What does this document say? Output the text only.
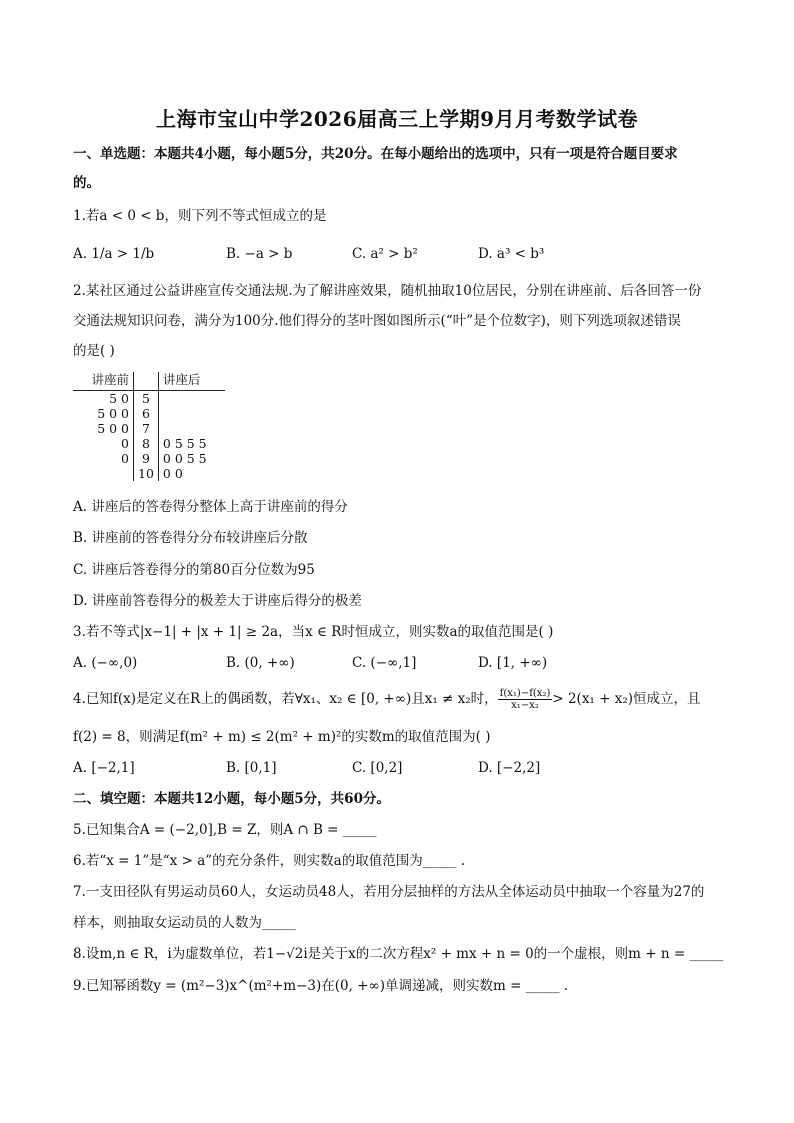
上海市宝山中学2026届高三上学期9月月考数学试卷
一、单选题：本题共4小题，每小题5分，共20分。在每小题给出的选项中，只有一项是符合题目要求
的。
1.若a < 0 < b，则下列不等式恒成立的是
A. 1/a > 1/b	B. −a > b	C. a² > b²	D. a³ < b³
2.某社区通过公益讲座宣传交通法规.为了解讲座效果，随机抽取10位居民，分别在讲座前、后各回答一份
交通法规知识问卷，满分为100分.他们得分的茎叶图如图所示(“叶”是个位数字)，则下列选项叙述错误
的是( )
讲座前		讲座后
5 0	5	
5 0 0	6	
5 0 0	7	
0	8	0 5 5 5
0	9	0 0 5 5
	10	0 0
A. 讲座后的答卷得分整体上高于讲座前的得分
B. 讲座前的答卷得分分布较讲座后分散
C. 讲座后答卷得分的第80百分位数为95
D. 讲座前答卷得分的极差大于讲座后得分的极差
3.若不等式|x−1| + |x + 1| ≥ 2a，当x ∈ R时恒成立，则实数a的取值范围是( )
A. (−∞,0)	B. (0, +∞)	C. (−∞,1]	D. [1, +∞)
4.已知f(x)是定义在R上的偶函数，若∀x₁、x₂ ∈ [0, +∞)且x₁ ≠ x₂时， $\frac{\text{f(x₁)−f(x₂)}}{\text{x₁−x₂}} > 2(x_1 + x_2)$恒成立，且
f(2) = 8，则满足f(m² + m) ≤ 2(m² + m)²的实数m的取值范围为( )
A. [−2,1]	B. [0,1]	C. [0,2]	D. [−2,2]
二、填空题：本题共12小题，每小题5分，共60分。
5.已知集合A = (−2,0],B = Z，则A ∩ B = _____
6.若“x = 1”是“x > a”的充分条件，则实数a的取值范围为_____ .
7.一支田径队有男运动员60人，女运动员48人，若用分层抽样的方法从全体运动员中抽取一个容量为27的
样本，则抽取女运动员的人数为_____
8.设m,n ∈ R，i为虚数单位，若1−√2i是关于x的二次方程x² + mx + n = 0的一个虚根，则m + n = _____
9.已知幂函数y = (m²−3)x^(m²+m−3)在(0, +∞)单调递减，则实数m = _____ .
